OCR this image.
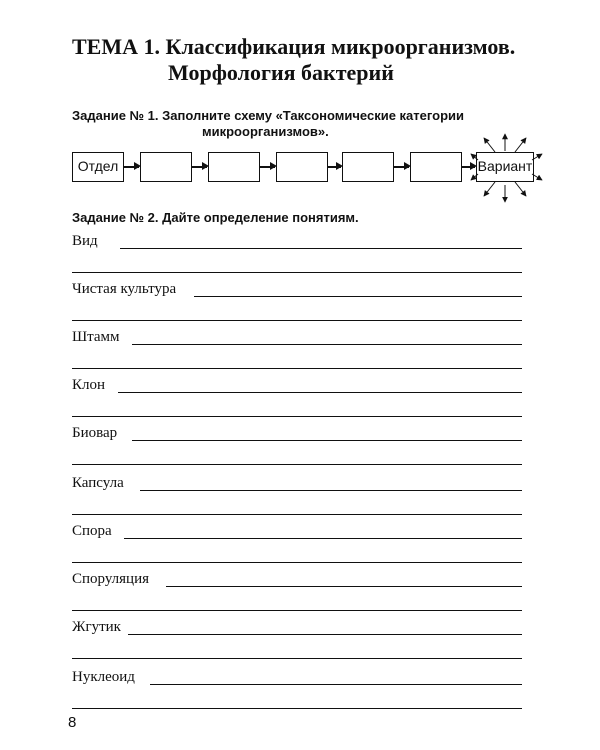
ТЕМА 1. Классификация микроорганизмов.
Морфология бактерий
Задание № 1. Заполните схему «Таксономические категории
микроорганизмов».
Отдел	Вариант
Задание № 2. Дайте определение понятиям.
Вид
Чистая культура
Штамм
Клон
Биовар
Капсула
Спора
Споруляция
Жгутик
Нуклеоид
8
